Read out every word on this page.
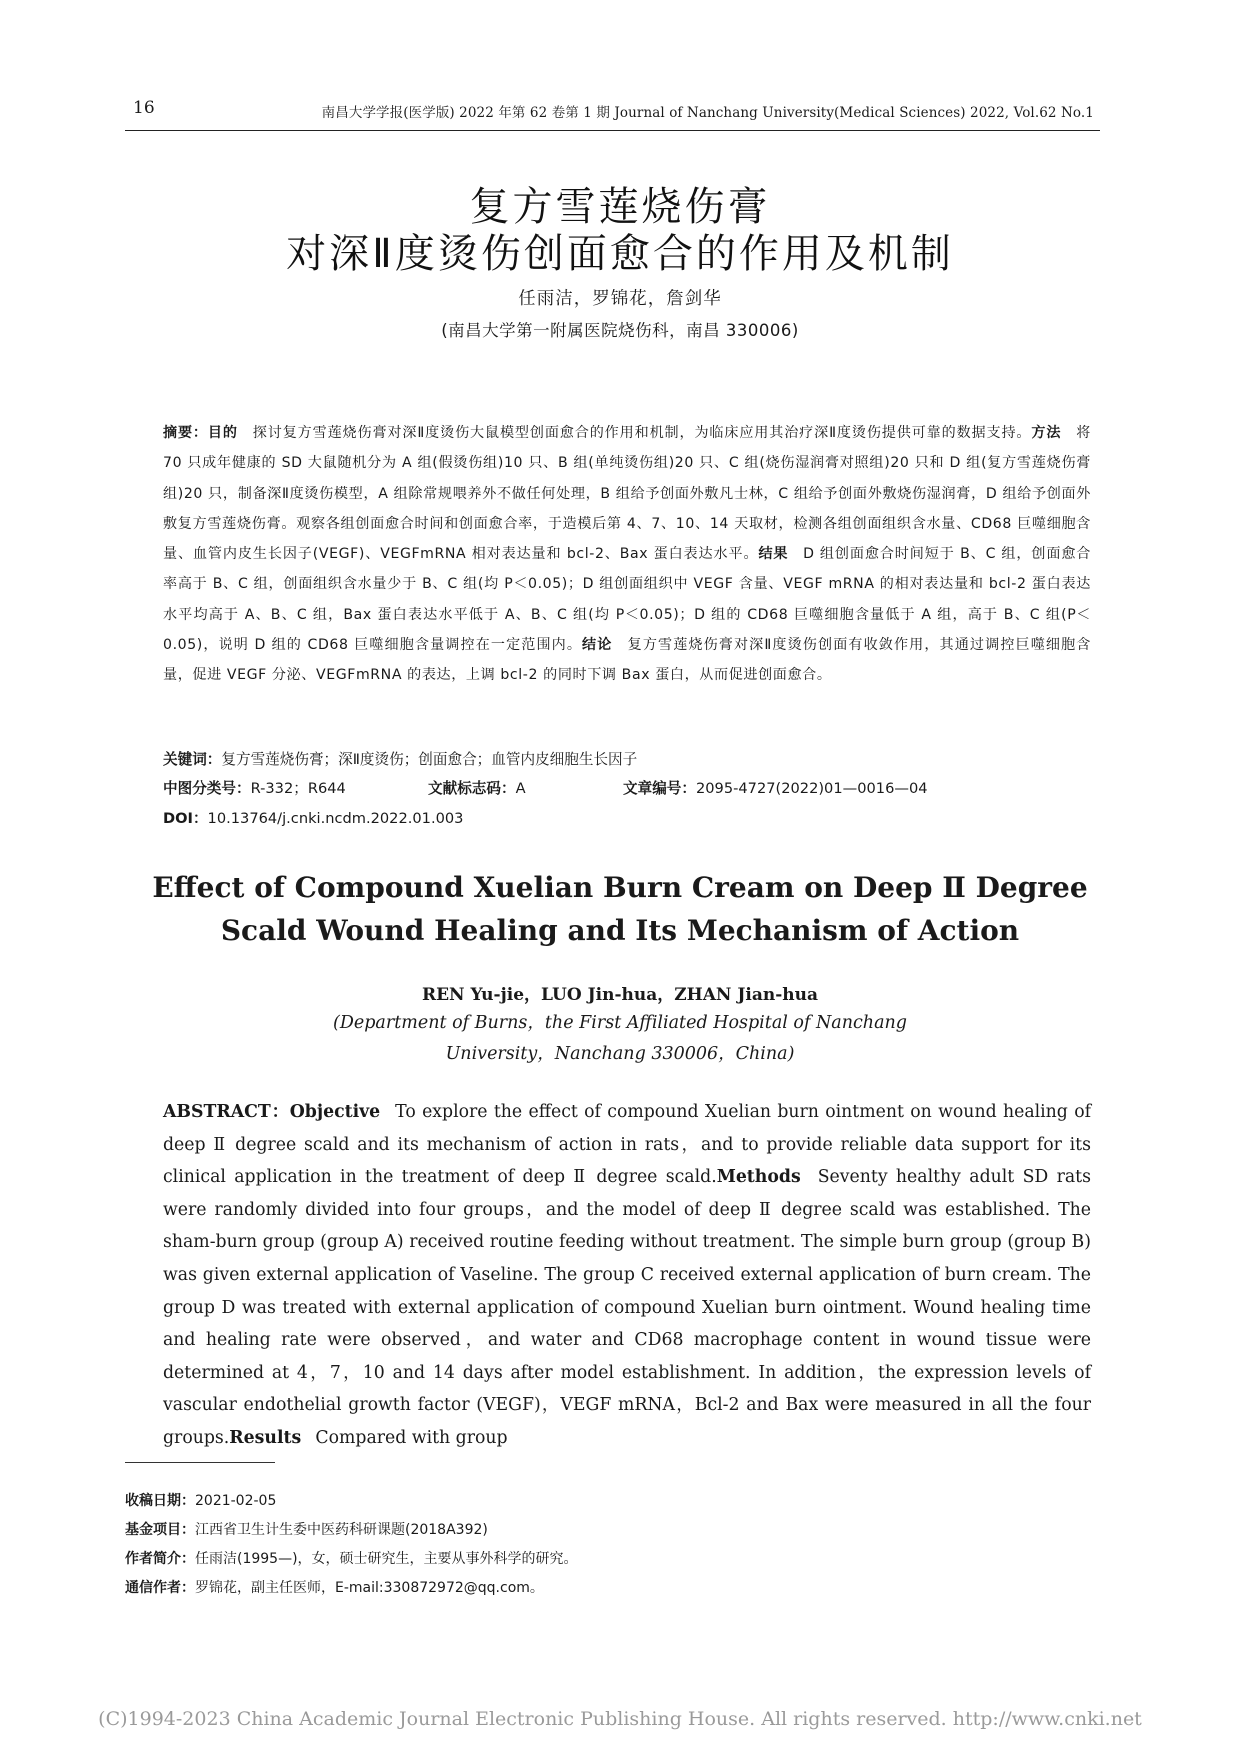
16	南昌大学学报(医学版) 2022 年第 62 卷第 1 期 Journal of Nanchang University(Medical Sciences) 2022, Vol.62 No.1
复方雪莲烧伤膏
对深Ⅱ度烫伤创面愈合的作用及机制
任雨洁，罗锦花，詹剑华
(南昌大学第一附属医院烧伤科，南昌 330006)
摘要：目的  探讨复方雪莲烧伤膏对深Ⅱ度烫伤大鼠模型创面愈合的作用和机制，为临床应用其治疗深Ⅱ度烫伤提供可靠的数据支持。方法  将 70 只成年健康的 SD 大鼠随机分为 A 组(假烫伤组)10 只、B 组(单纯烫伤组)20 只、C 组(烧伤湿润膏对照组)20 只和 D 组(复方雪莲烧伤膏组)20 只，制备深Ⅱ度烫伤模型，A 组除常规喂养外不做任何处理，B 组给予创面外敷凡士林，C 组给予创面外敷烧伤湿润膏，D 组给予创面外敷复方雪莲烧伤膏。观察各组创面愈合时间和创面愈合率，于造模后第 4、7、10、14 天取材，检测各组创面组织含水量、CD68 巨噬细胞含量、血管内皮生长因子(VEGF)、VEGFmRNA 相对表达量和 bcl-2、Bax 蛋白表达水平。结果  D 组创面愈合时间短于 B、C 组，创面愈合率高于 B、C 组，创面组织含水量少于 B、C 组(均 P＜0.05)；D 组创面组织中 VEGF 含量、VEGF mRNA 的相对表达量和 bcl-2 蛋白表达水平均高于 A、B、C 组，Bax 蛋白表达水平低于 A、B、C 组(均 P＜0.05)；D 组的 CD68 巨噬细胞含量低于 A 组，高于 B、C 组(P＜0.05)，说明 D 组的 CD68 巨噬细胞含量调控在一定范围内。结论  复方雪莲烧伤膏对深Ⅱ度烫伤创面有收敛作用，其通过调控巨噬细胞含量，促进 VEGF 分泌、VEGFmRNA 的表达，上调 bcl-2 的同时下调 Bax 蛋白，从而促进创面愈合。
关键词：复方雪莲烧伤膏；深Ⅱ度烫伤；创面愈合；血管内皮细胞生长因子
中图分类号：R-332；R644	文献标志码：A	文章编号：2095-4727(2022)01—0016—04
DOI：10.13764/j.cnki.ncdm.2022.01.003
Effect of Compound Xuelian Burn Cream on Deep Ⅱ Degree
Scald Wound Healing and Its Mechanism of Action
REN Yu-jie，LUO Jin-hua，ZHAN Jian-hua
(Department of Burns，the First Affiliated Hospital of Nanchang
University，Nanchang 330006，China)
ABSTRACT：Objective  To explore the effect of compound Xuelian burn ointment on wound healing of deep Ⅱ degree scald and its mechanism of action in rats，and to provide reliable data support for its clinical application in the treatment of deep Ⅱ degree scald.Methods  Seventy healthy adult SD rats were randomly divided into four groups，and the model of deep Ⅱ degree scald was established. The sham-burn group (group A) received routine feeding without treatment. The simple burn group (group B) was given external application of Vaseline. The group C received external application of burn cream. The group D was treated with external application of compound Xuelian burn ointment. Wound healing time and healing rate were observed，and water and CD68 macrophage content in wound tissue were determined at 4，7，10 and 14 days after model establishment. In addition，the expression levels of vascular endothelial growth factor (VEGF)，VEGF mRNA，Bcl-2 and Bax were measured in all the four groups.Results  Compared with group
收稿日期：2021-02-05
基金项目：江西省卫生计生委中医药科研课题(2018A392)
作者简介：任雨洁(1995—)，女，硕士研究生，主要从事外科学的研究。
通信作者：罗锦花，副主任医师，E-mail:330872972@qq.com。
(C)1994-2023 China Academic Journal Electronic Publishing House. All rights reserved. http://www.cnki.net
